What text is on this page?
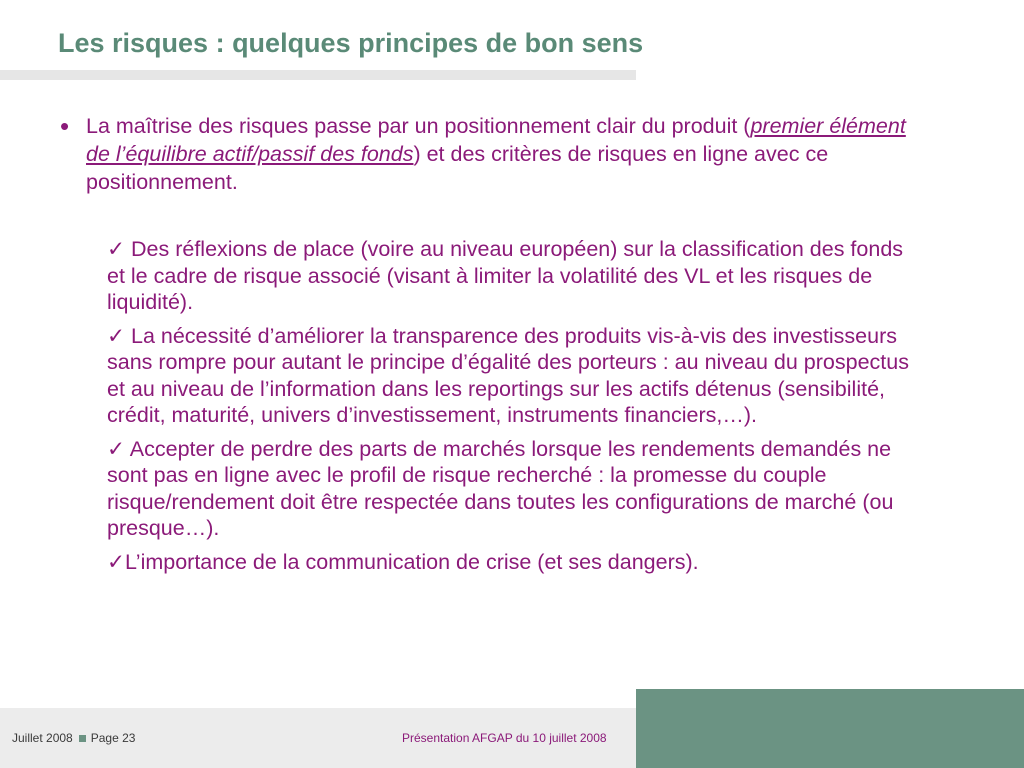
Les risques : quelques principes de bon sens
• La maîtrise des risques passe par un positionnement clair du produit (premier élément de l’équilibre actif/passif des fonds) et des critères de risques en ligne avec ce positionnement.
✓ Des réflexions de place (voire au niveau européen) sur la classification des fonds et le cadre de risque associé (visant à limiter la volatilité des VL et les risques de liquidité).
✓ La nécessité d’améliorer la transparence des produits vis-à-vis des investisseurs sans rompre pour autant le principe d’égalité des porteurs : au niveau du prospectus et au niveau de l’information dans les reportings sur les actifs détenus (sensibilité, crédit, maturité, univers d’investissement, instruments financiers,…).
✓ Accepter de perdre des parts de marchés lorsque les rendements demandés ne sont pas en ligne avec le profil de risque recherché : la promesse du couple risque/rendement doit être respectée dans toutes les configurations de marché (ou presque…).
✓L’importance de la communication de crise (et ses dangers).
Juillet 2008 Page 23	Présentation AFGAP du 10 juillet 2008
